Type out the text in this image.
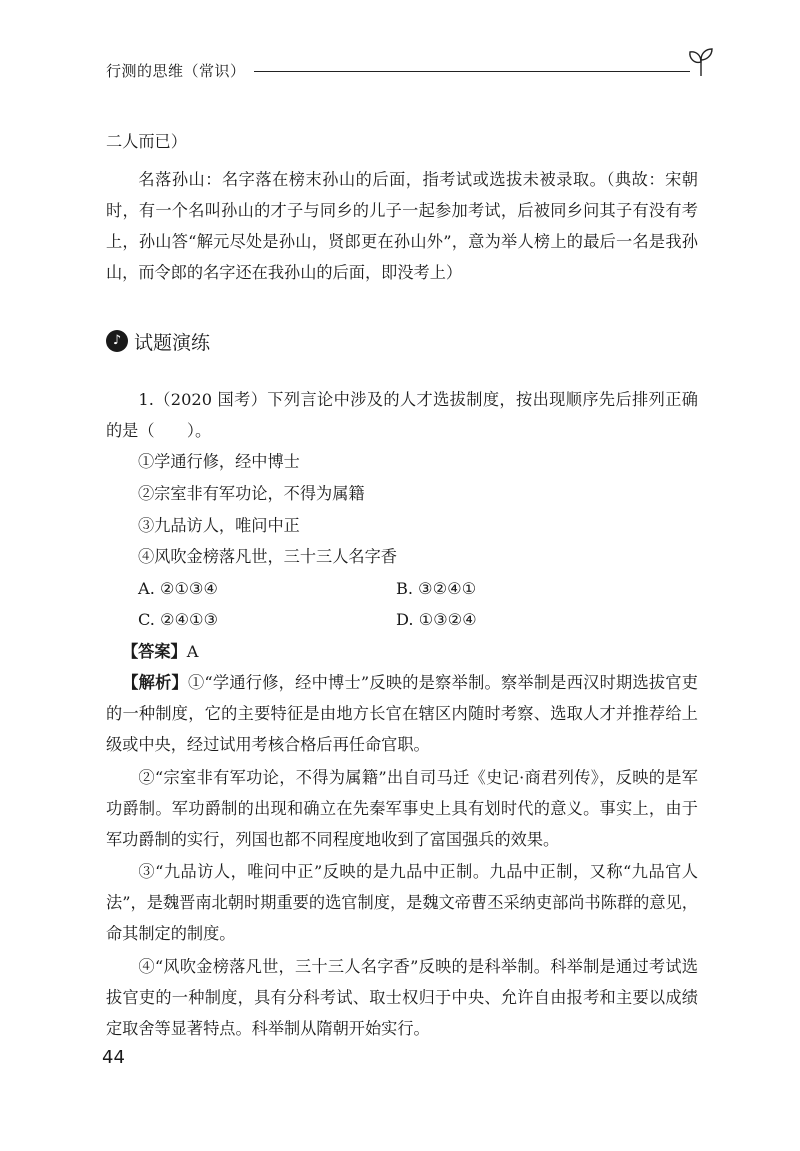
行测的思维（常识）
二人而已）
名落孙山：名字落在榜末孙山的后面，指考试或选拔未被录取。（典故：宋朝时，有一个名叫孙山的才子与同乡的儿子一起参加考试，后被同乡问其子有没有考上，孙山答“解元尽处是孙山，贤郎更在孙山外”，意为举人榜上的最后一名是我孙山，而令郎的名字还在我孙山的后面，即没考上）
♪ 试题演练
1.（2020 国考）下列言论中涉及的人才选拔制度，按出现顺序先后排列正确的是（　　）。
①学通行修，经中博士
②宗室非有军功论，不得为属籍
③九品访人，唯问中正
④风吹金榜落凡世，三十三人名字香
A. ②①③④	B. ③②④①
C. ②④①③	D. ①③②④
【答案】A
【解析】①“学通行修，经中博士”反映的是察举制。察举制是西汉时期选拔官吏的一种制度，它的主要特征是由地方长官在辖区内随时考察、选取人才并推荐给上级或中央，经过试用考核合格后再任命官职。
②“宗室非有军功论，不得为属籍”出自司马迁《史记·商君列传》，反映的是军功爵制。军功爵制的出现和确立在先秦军事史上具有划时代的意义。事实上，由于军功爵制的实行，列国也都不同程度地收到了富国强兵的效果。
③“九品访人，唯问中正”反映的是九品中正制。九品中正制，又称“九品官人法”，是魏晋南北朝时期重要的选官制度，是魏文帝曹丕采纳吏部尚书陈群的意见，命其制定的制度。
④“风吹金榜落凡世，三十三人名字香”反映的是科举制。科举制是通过考试选拔官吏的一种制度，具有分科考试、取士权归于中央、允许自由报考和主要以成绩定取舍等显著特点。科举制从隋朝开始实行。
44
